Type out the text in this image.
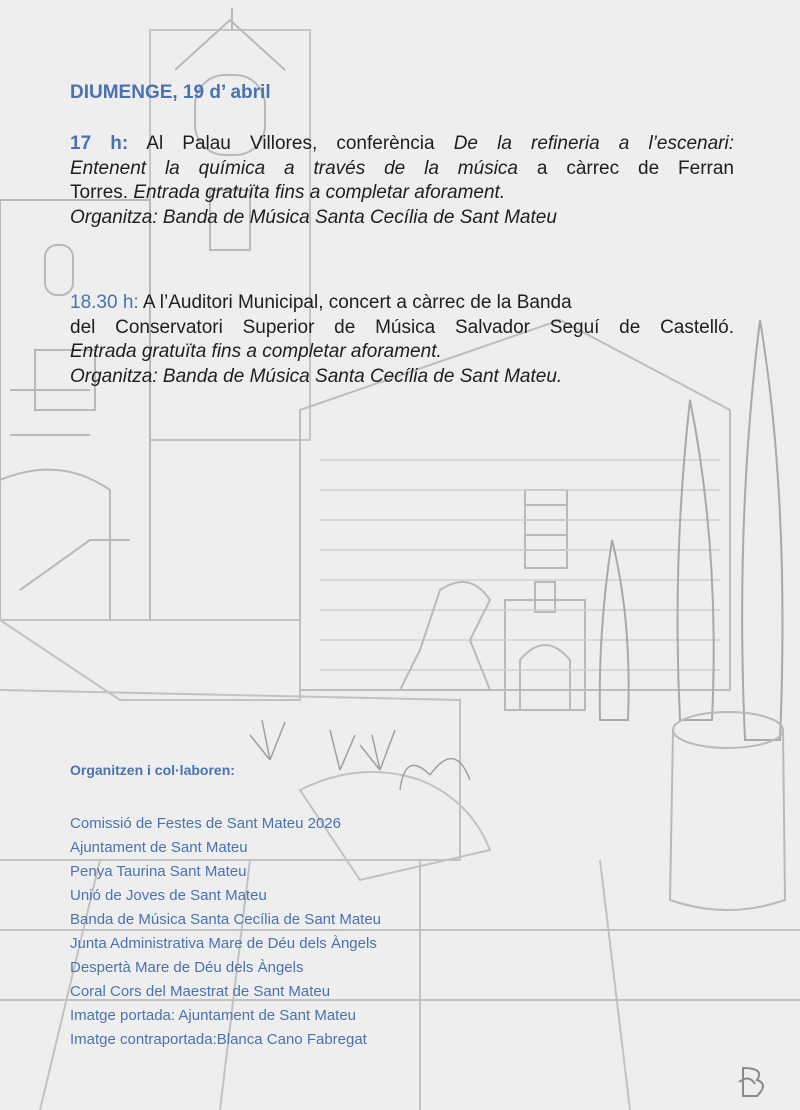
DIUMENGE, 19 d’ abril
17 h: Al Palau Villores, conferència De la refineria a l’escenari:
Entenent la química a través de la música a càrrec de Ferran
Torres. Entrada gratuïta fins a completar aforament.
Organitza: Banda de Música Santa Cecília de Sant Mateu
18.30 h: A l’Auditori Municipal, concert a càrrec de la Banda
del Conservatori Superior de Música Salvador Seguí de Castelló.
Entrada gratuïta fins a completar aforament.
Organitza: Banda de Música Santa Cecília de Sant Mateu.
Organitzen i col·laboren:
Comissió de Festes de Sant Mateu 2026
Ajuntament de Sant Mateu
Penya Taurina Sant Mateu
Unió de Joves de Sant Mateu
Banda de Música Santa Cecília de Sant Mateu
Junta Administrativa Mare de Déu dels Àngels
Despertà Mare de Déu dels Àngels
Coral Cors del Maestrat de Sant Mateu
Imatge portada: Ajuntament de Sant Mateu
Imatge contraportada:Blanca Cano Fabregat
